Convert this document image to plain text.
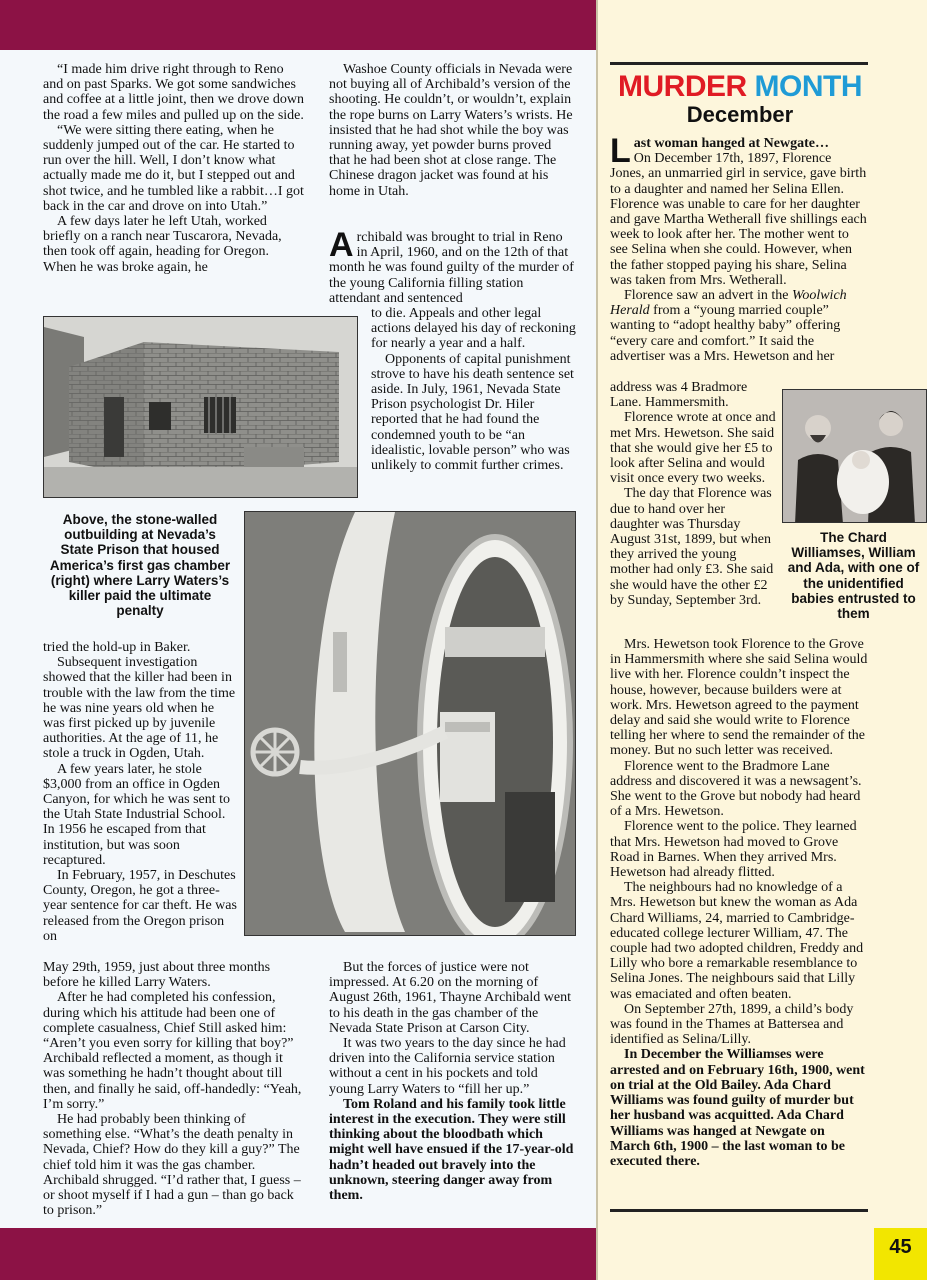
“I made him drive right through to Reno and on past Sparks. We got some sandwiches and coffee at a little joint, then we drove down the road a few miles and pulled up on the side.

“We were sitting there eating, when he suddenly jumped out of the car. He started to run over the hill. Well, I don’t know what actually made me do it, but I stepped out and shot twice, and he tumbled like a rabbit…I got back in the car and drove on into Utah.”

A few days later he left Utah, worked briefly on a ranch near Tuscarora, Nevada, then took off again, heading for Oregon. When he was broke again, he

Washoe County officials in Nevada were not buying all of Archibald’s version of the shooting. He couldn’t, or wouldn’t, explain the rope burns on Larry Waters’s wrists. He insisted that he had shot while the boy was running away, yet powder burns proved that he had been shot at close range. The Chinese dragon jacket was found at his home in Utah.

Archibald was brought to trial in Reno in April, 1960, and on the 12th of that month he was found guilty of the murder of the young California filling station attendant and sentenced

to die. Appeals and other legal actions delayed his day of reckoning for nearly a year and a half.

Opponents of capital punishment strove to have his death sentence set aside. In July, 1961, Nevada State Prison psychologist Dr. Hiler reported that he had found the condemned youth to be “an idealistic, lovable person” who was unlikely to commit further crimes.

Above, the stone-walled outbuilding at Nevada’s State Prison that housed America’s first gas chamber (right) where Larry Waters’s killer paid the ultimate penalty

tried the hold-up in Baker.

Subsequent investigation showed that the killer had been in trouble with the law from the time he was nine years old when he was first picked up by juvenile authorities. At the age of 11, he stole a truck in Ogden, Utah.

A few years later, he stole $3,000 from an office in Ogden Canyon, for which he was sent to the Utah State Industrial School. In 1956 he escaped from that institution, but was soon recaptured.

In February, 1957, in Deschutes County, Oregon, he got a three-year sentence for car theft. He was released from the Oregon prison on

May 29th, 1959, just about three months before he killed Larry Waters.

After he had completed his confession, during which his attitude had been one of complete casualness, Chief Still asked him: “Aren’t you even sorry for killing that boy?” Archibald reflected a moment, as though it was something he hadn’t thought about till then, and finally he said, off-handedly: “Yeah, I’m sorry.”

He had probably been thinking of something else. “What’s the death penalty in Nevada, Chief? How do they kill a guy?” The chief told him it was the gas chamber. Archibald shrugged. “I’d rather that, I guess – or shoot myself if I had a gun – than go back to prison.”

But the forces of justice were not impressed. At 6.20 on the morning of August 26th, 1961, Thayne Archibald went to his death in the gas chamber of the Nevada State Prison at Carson City.

It was two years to the day since he had driven into the California service station without a cent in his pockets and told young Larry Waters to “fill her up.”

Tom Roland and his family took little interest in the execution. They were still thinking about the bloodbath which might well have ensued if the 17-year-old hadn’t headed out bravely into the unknown, steering danger away from them.

MURDER MONTH
December

Last woman hanged at Newgate…
On December 17th, 1897, Florence Jones, an unmarried girl in service, gave birth to a daughter and named her Selina Ellen. Florence was unable to care for her daughter and gave Martha Wetherall five shillings each week to look after her. The mother went to see Selina when she could. However, when the father stopped paying his share, Selina was taken from Mrs. Wetherall.

Florence saw an advert in the Woolwich Herald from a “young married couple” wanting to “adopt healthy baby” offering “every care and comfort.” It said the advertiser was a Mrs. Hewetson and her

address was 4 Bradmore Lane. Hammersmith.

Florence wrote at once and met Mrs. Hewetson. She said that she would give her £5 to look after Selina and would visit once every two weeks.

The day that Florence was due to hand over her daughter was Thursday August 31st, 1899, but when they arrived the young mother had only £3. She said she would have the other £2 by Sunday, September 3rd.

The Chard Williamses, William and Ada, with one of the unidentified babies entrusted to them

Mrs. Hewetson took Florence to the Grove in Hammersmith where she said Selina would live with her. Florence couldn’t inspect the house, however, because builders were at work. Mrs. Hewetson agreed to the payment delay and said she would write to Florence telling her where to send the remainder of the money. But no such letter was received.

Florence went to the Bradmore Lane address and discovered it was a newsagent’s. She went to the Grove but nobody had heard of a Mrs. Hewetson.

Florence went to the police. They learned that Mrs. Hewetson had moved to Grove Road in Barnes. When they arrived Mrs. Hewetson had already flitted.

The neighbours had no knowledge of a Mrs. Hewetson but knew the woman as Ada Chard Williams, 24, married to Cambridge-educated college lecturer William, 47. The couple had two adopted children, Freddy and Lilly who bore a remarkable resemblance to Selina Jones. The neighbours said that Lilly was emaciated and often beaten.

On September 27th, 1899, a child’s body was found in the Thames at Battersea and identified as Selina/Lilly.

In December the Williamses were arrested and on February 16th, 1900, went on trial at the Old Bailey. Ada Chard Williams was found guilty of murder but her husband was acquitted. Ada Chard Williams was hanged at Newgate on March 6th, 1900 – the last woman to be executed there.

45
